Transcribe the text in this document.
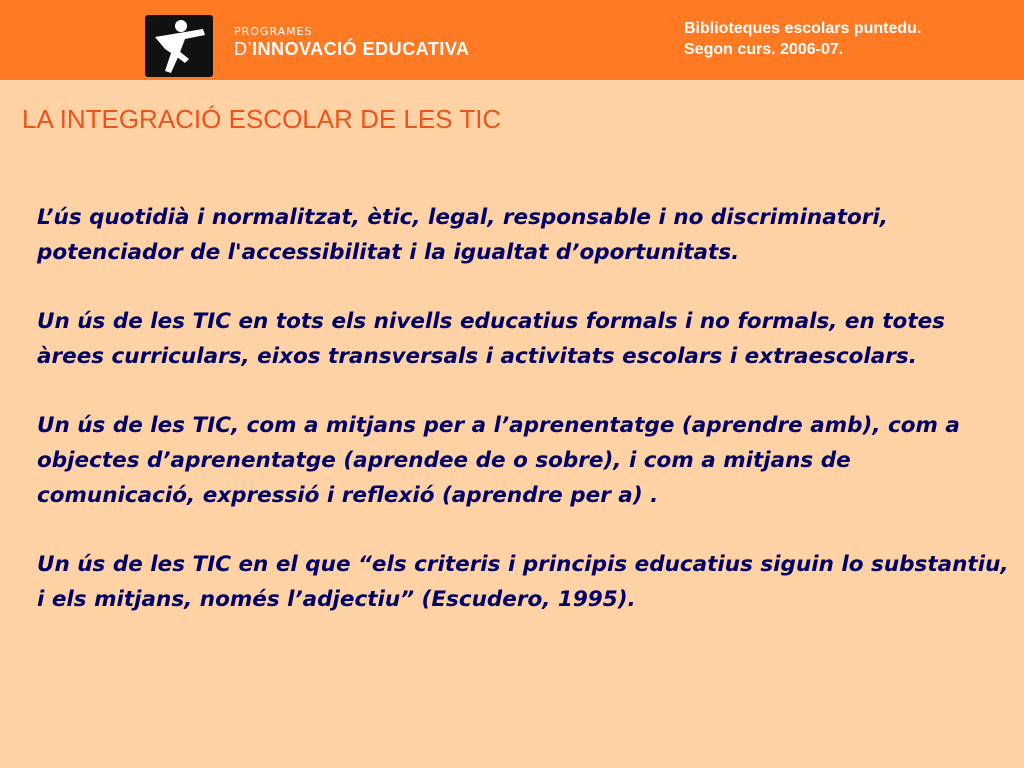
PROGRAMES
D’INNOVACIÓ EDUCATIVA
Biblioteques escolars puntedu.
Segon curs. 2006-07.
LA INTEGRACIÓ ESCOLAR DE LES TIC

L’ús quotidià i normalitzat, ètic, legal, responsable i no discriminatori, potenciador de l'accessibilitat i la igualtat d’oportunitats.

Un ús de les TIC en tots els nivells educatius formals i no formals, en totes àrees curriculars, eixos transversals i activitats escolars i extraescolars.

Un ús de les TIC, com a mitjans per a l’aprenentatge (aprendre amb), com a objectes d’aprenentatge (aprendee de o sobre), i com a mitjans de comunicació, expressió i reflexió (aprendre per a) .

Un ús de les TIC en el que “els criteris i principis educatius siguin lo substantiu, i els mitjans, només l’adjectiu” (Escudero, 1995).
